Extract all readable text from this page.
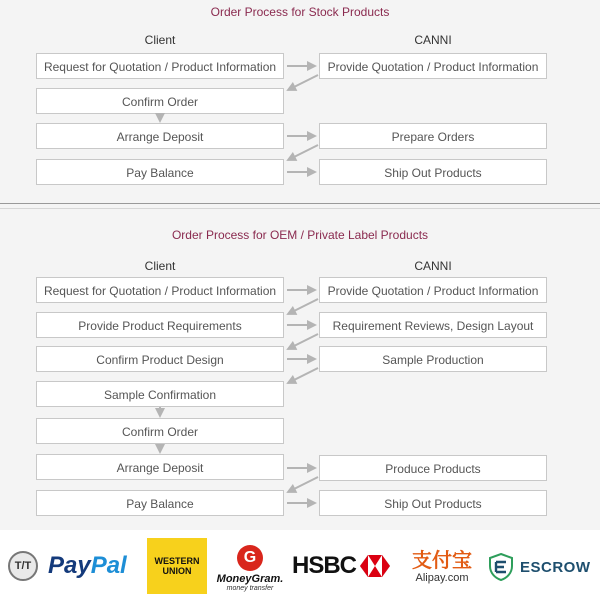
Order Process for Stock Products
Client	CANNI
Request for Quotation / Product Information	Provide Quotation / Product Information
Confirm Order
Arrange Deposit	Prepare Orders
Pay Balance	Ship Out Products
Order Process for OEM / Private Label Products
Client	CANNI
Request for Quotation / Product Information	Provide Quotation / Product Information
Provide Product Requirements	Requirement Reviews, Design Layout
Confirm Product Design	Sample Production
Sample Confirmation
Confirm Order
Arrange Deposit	Produce Products
Pay Balance	Ship Out Products
T/T Pay Pal	WESTERN
UNION
G
MoneyGram.
money transfer
HSBC	支付宝
Alipay.com
ESCROW
